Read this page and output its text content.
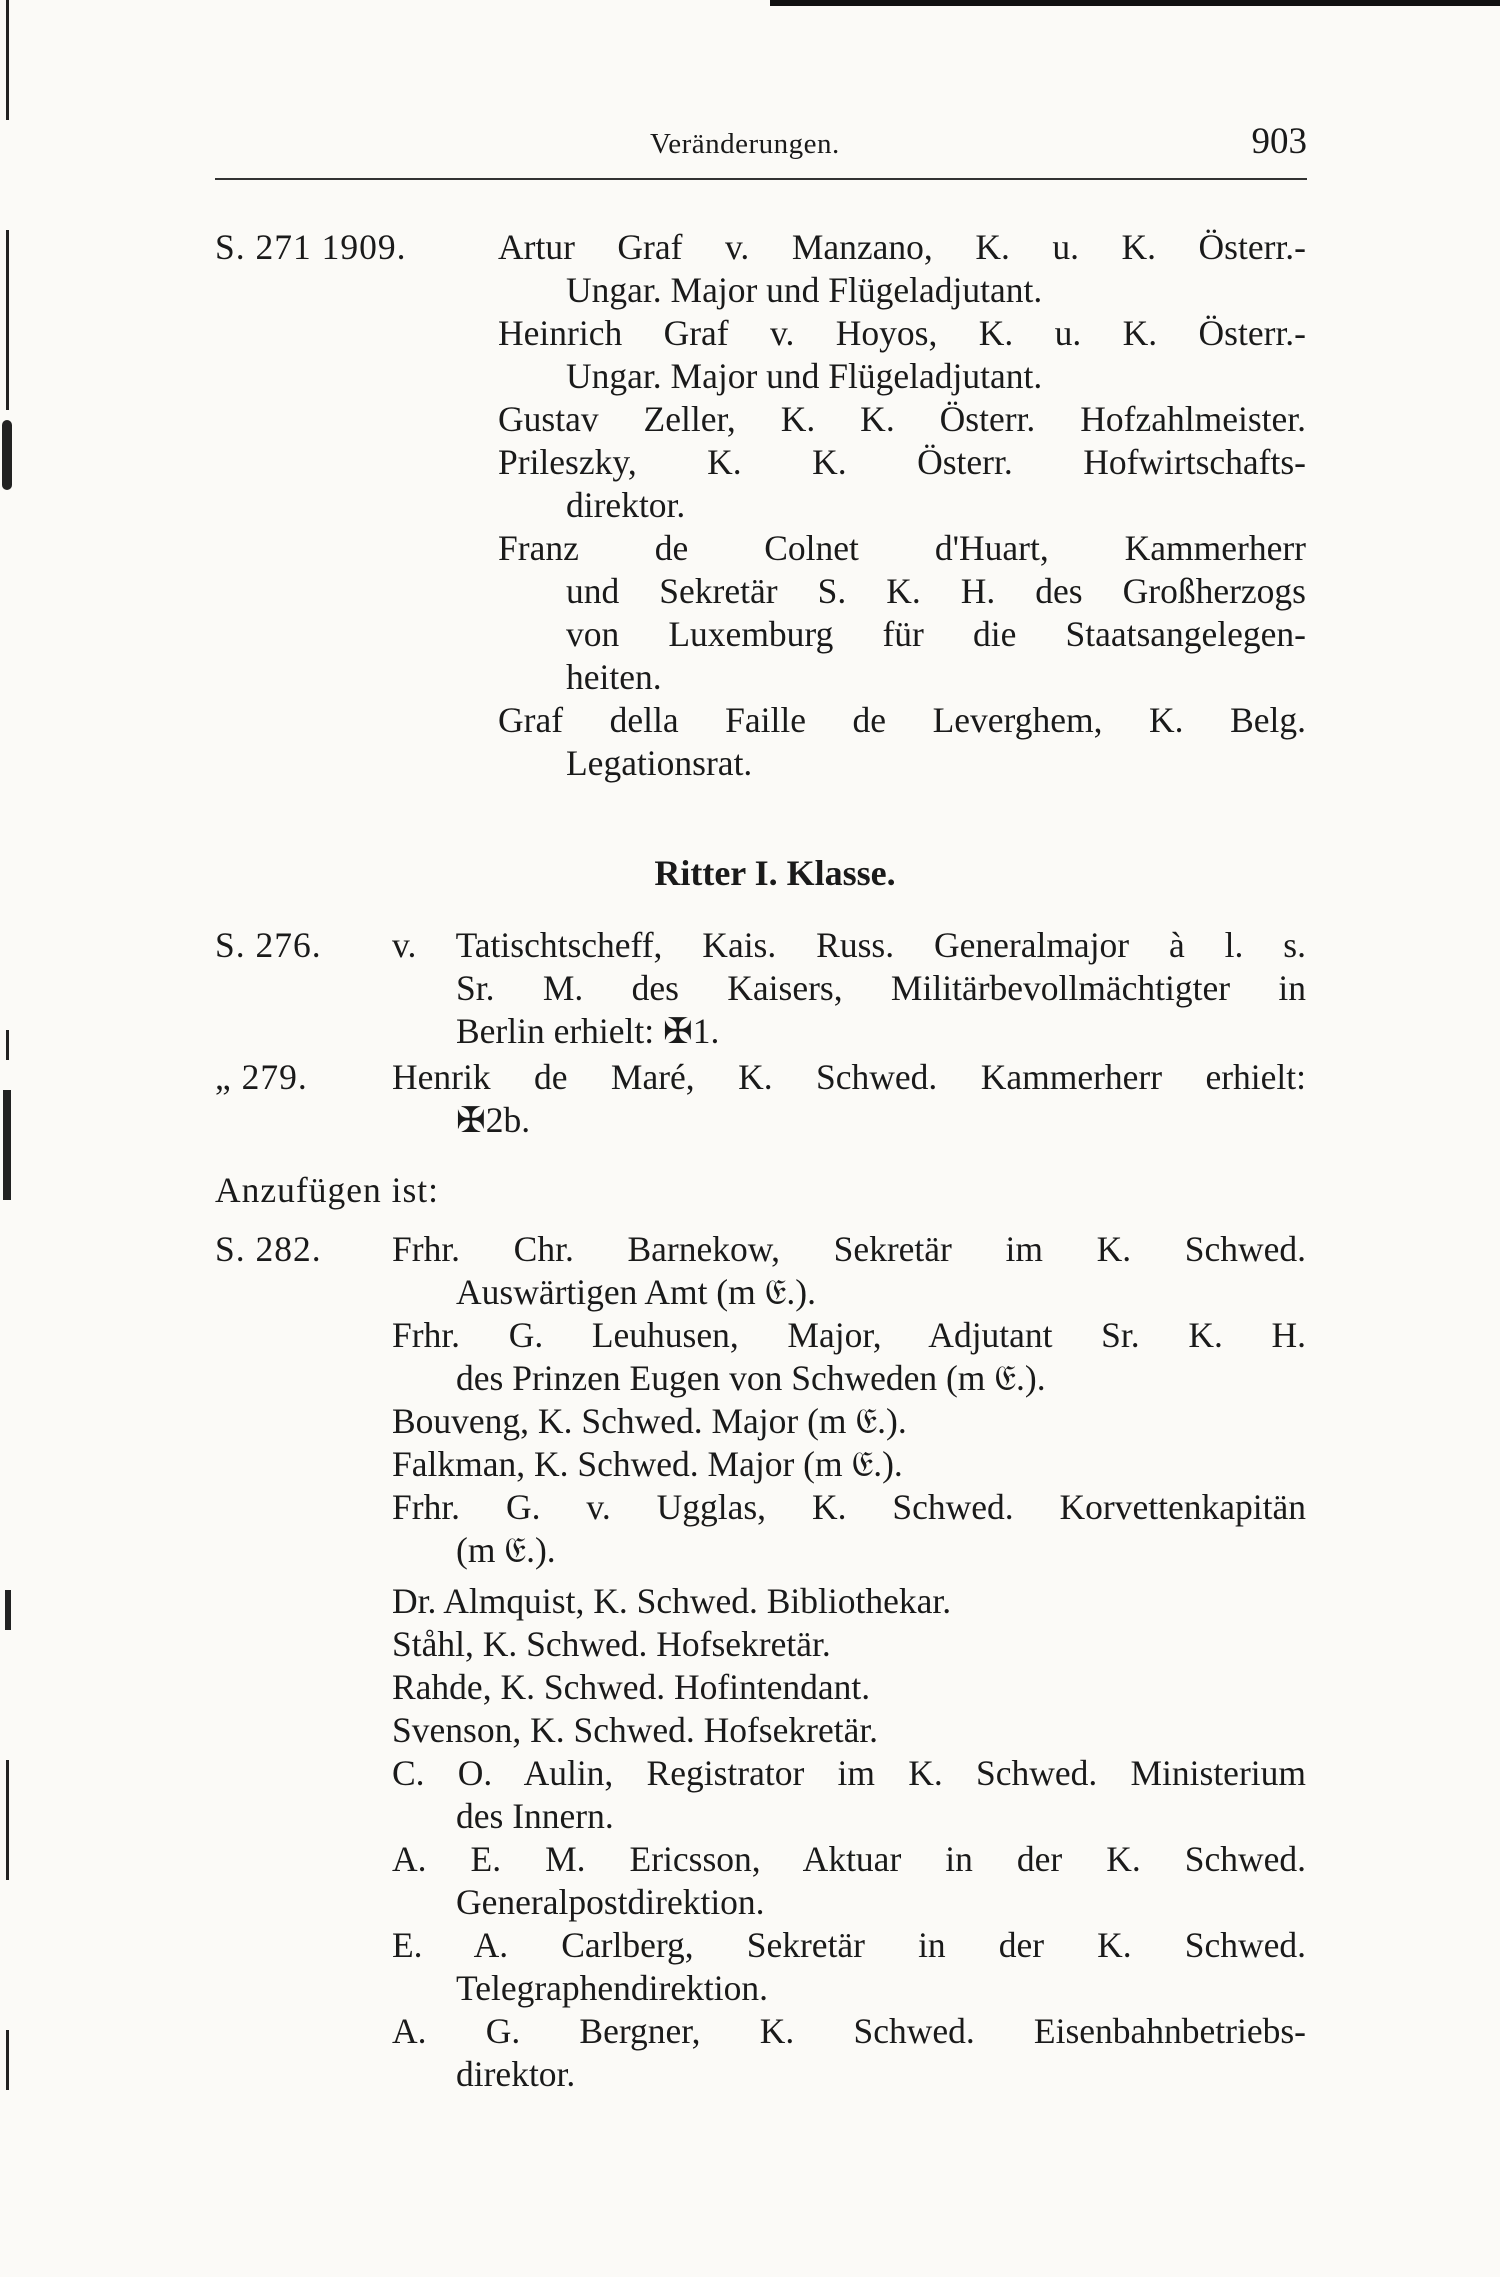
Veränderungen.	903
S. 271 1909.	Artur Graf v. Manzano, K. u. K. Österr.-
Ungar. Major und Flügeladjutant.
Heinrich Graf v. Hoyos, K. u. K. Österr.-
Ungar. Major und Flügeladjutant.
Gustav Zeller, K. K. Österr. Hofzahlmeister.
Prileszky, K. K. Österr. Hofwirtschafts-
direktor.
Franz de Colnet d'Huart, Kammerherr
und Sekretär S. K. H. des Großherzogs
von Luxemburg für die Staatsangelegen-
heiten.
Graf della Faille de Leverghem, K. Belg.
Legationsrat.
Ritter I. Klasse.
S. 276. v. Tatischtscheff, Kais. Russ. Generalmajor à l. s.
Sr. M. des Kaisers, Militärbevollmächtigter in
Berlin erhielt: ✠1.
„ 279. Henrik de Maré, K. Schwed. Kammerherr erhielt:
✠2b.
Anzufügen ist:
S. 282. Frhr. Chr. Barnekow, Sekretär im K. Schwed.
Auswärtigen Amt (m 𝔈.).
Frhr. G. Leuhusen, Major, Adjutant Sr. K. H.
des Prinzen Eugen von Schweden (m 𝔈.).
Bouveng, K. Schwed. Major (m 𝔈.).
Falkman, K. Schwed. Major (m 𝔈.).
Frhr. G. v. Ugglas, K. Schwed. Korvettenkapitän
(m 𝔈.).
Dr. Almquist, K. Schwed. Bibliothekar.
Ståhl, K. Schwed. Hofsekretär.
Rahde, K. Schwed. Hofintendant.
Svenson, K. Schwed. Hofsekretär.
C. O. Aulin, Registrator im K. Schwed. Ministerium
des Innern.
A. E. M. Ericsson, Aktuar in der K. Schwed.
Generalpostdirektion.
E. A. Carlberg, Sekretär in der K. Schwed.
Telegraphendirektion.
A. G. Bergner, K. Schwed. Eisenbahnbetriebs-
direktor.
